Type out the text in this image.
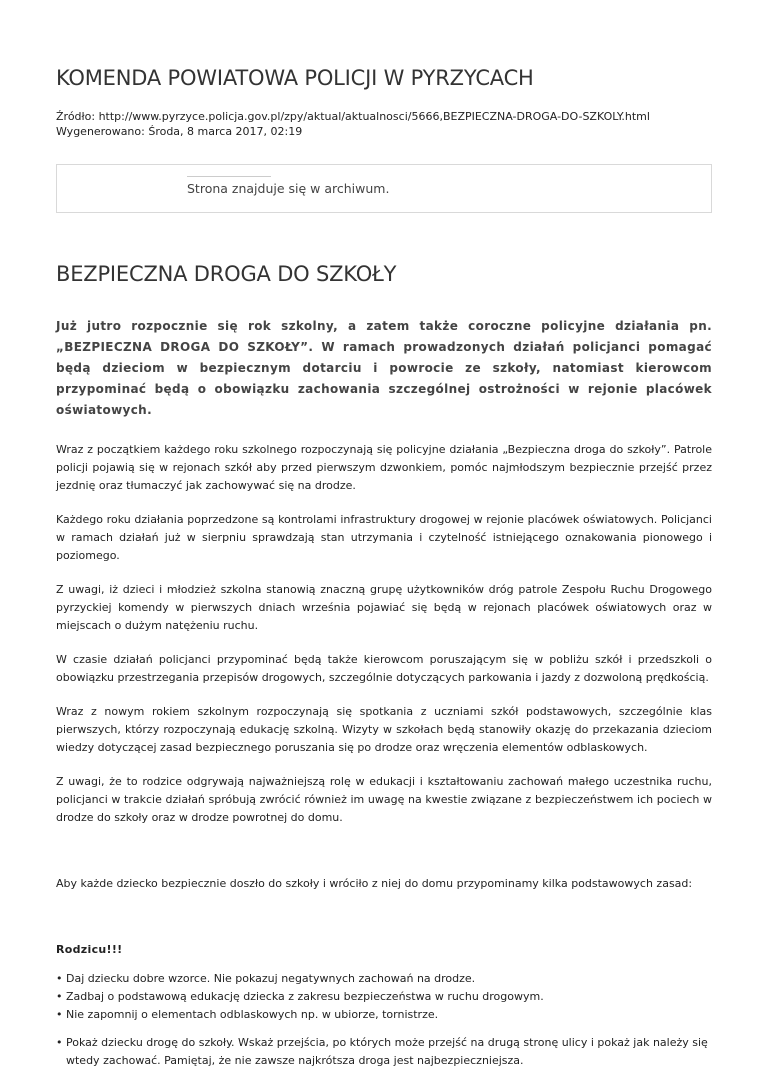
KOMENDA POWIATOWA POLICJI W PYRZYCACH
Źródło: http://www.pyrzyce.policja.gov.pl/zpy/aktual/aktualnosci/5666,BEZPIECZNA-DROGA-DO-SZKOLY.html
Wygenerowano: Środa, 8 marca 2017, 02:19
Strona znajduje się w archiwum.
BEZPIECZNA DROGA DO SZKOŁY

Już jutro rozpocznie się rok szkolny, a zatem także coroczne policyjne działania pn. „BEZPIECZNA DROGA DO SZKOŁY”. W ramach prowadzonych działań policjanci pomagać będą dzieciom w bezpiecznym dotarciu i powrocie ze szkoły, natomiast kierowcom przypominać będą o obowiązku zachowania szczególnej ostrożności w rejonie placówek oświatowych.

Wraz z początkiem każdego roku szkolnego rozpoczynają się policyjne działania „Bezpieczna droga do szkoły”. Patrole policji pojawią się w rejonach szkół aby przed pierwszym dzwonkiem, pomóc najmłodszym bezpiecznie przejść przez jezdnię oraz tłumaczyć jak zachowywać się na drodze.

Każdego roku działania poprzedzone są kontrolami infrastruktury drogowej w rejonie placówek oświatowych. Policjanci w ramach działań już w sierpniu sprawdzają stan utrzymania i czytelność istniejącego oznakowania pionowego i poziomego.

Z uwagi, iż dzieci i młodzież szkolna stanowią znaczną grupę użytkowników dróg patrole Zespołu Ruchu Drogowego pyrzyckiej komendy w pierwszych dniach września pojawiać się będą w rejonach placówek oświatowych oraz w miejscach o dużym natężeniu ruchu.

W czasie działań policjanci przypominać będą także kierowcom poruszającym się w pobliżu szkół i przedszkoli o obowiązku przestrzegania przepisów drogowych, szczególnie dotyczących parkowania i jazdy z dozwoloną prędkością.

Wraz z nowym rokiem szkolnym rozpoczynają się spotkania z uczniami szkół podstawowych, szczególnie klas pierwszych, którzy rozpoczynają edukację szkolną. Wizyty w szkołach będą stanowiły okazję do przekazania dzieciom wiedzy dotyczącej zasad bezpiecznego poruszania się po drodze oraz wręczenia elementów odblaskowych.

Z uwagi, że to rodzice odgrywają najważniejszą rolę w edukacji i kształtowaniu zachowań małego uczestnika ruchu, policjanci w trakcie działań spróbują zwrócić również im uwagę na kwestie związane z bezpieczeństwem ich pociech w drodze do szkoły oraz w drodze powrotnej do domu.

Aby każde dziecko bezpiecznie doszło do szkoły i wróciło z niej do domu przypominamy kilka podstawowych zasad:

Rodzicu!!!
• Daj dziecku dobre wzorce. Nie pokazuj negatywnych zachowań na drodze.
• Zadbaj o podstawową edukację dziecka z zakresu bezpieczeństwa w ruchu drogowym.
• Nie zapomnij o elementach odblaskowych np. w ubiorze, tornistrze.
• Pokaż dziecku drogę do szkoły. Wskaż przejścia, po których może przejść na drugą stronę ulicy i pokaż jak należy się wtedy zachować. Pamiętaj, że nie zawsze najkrótsza droga jest najbezpieczniejsza.
